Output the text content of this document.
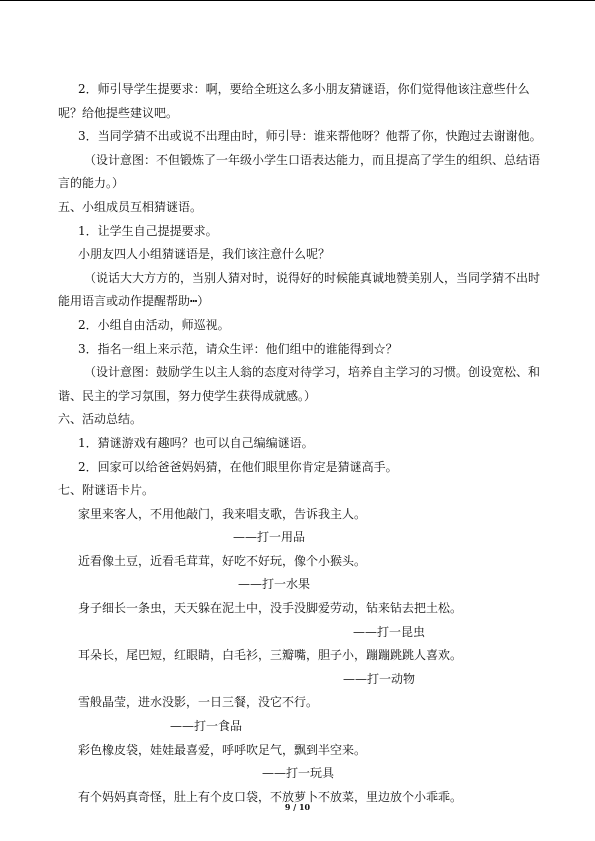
2．师引导学生提要求：啊，要给全班这么多小朋友猜谜语，你们觉得他该注意些什么
呢？给他提些建议吧。
3．当同学猜不出或说不出理由时，师引导：谁来帮他呀？他帮了你，快跑过去谢谢他。
（设计意图：不但锻炼了一年级小学生口语表达能力，而且提高了学生的组织、总结语
言的能力。）
五、小组成员互相猜谜语。
1．让学生自己提提要求。
小朋友四人小组猜谜语是，我们该注意什么呢？
（说话大大方方的，当别人猜对时，说得好的时候能真诚地赞美别人，当同学猜不出时
能用语言或动作提醒帮助┅）
2．小组自由活动，师巡视。
3．指名一组上来示范，请众生评：他们组中的谁能得到☆？
（设计意图：鼓励学生以主人翁的态度对待学习，培养自主学习的习惯。创设宽松、和
谐、民主的学习氛围，努力使学生获得成就感。）
六、活动总结。
1．猜谜游戏有趣吗？也可以自己编编谜语。
2．回家可以给爸爸妈妈猜，在他们眼里你肯定是猜谜高手。
七、附谜语卡片。
家里来客人，不用他敲门，我来唱支歌，告诉我主人。
——打一用品
近看像土豆，近看毛茸茸，好吃不好玩，像个小猴头。
——打一水果
身子细长一条虫，天天躲在泥土中，没手没脚爱劳动，钻来钻去把土松。
——打一昆虫
耳朵长，尾巴短，红眼睛，白毛衫，三瓣嘴，胆子小，蹦蹦跳跳人喜欢。
——打一动物
雪般晶莹，进水没影，一日三餐，没它不行。
——打一食品
彩色橡皮袋，娃娃最喜爱，呼呼吹足气，飘到半空来。
——打一玩具
有个妈妈真奇怪，肚上有个皮口袋，不放萝卜不放菜，里边放个小乖乖。
9 / 10
